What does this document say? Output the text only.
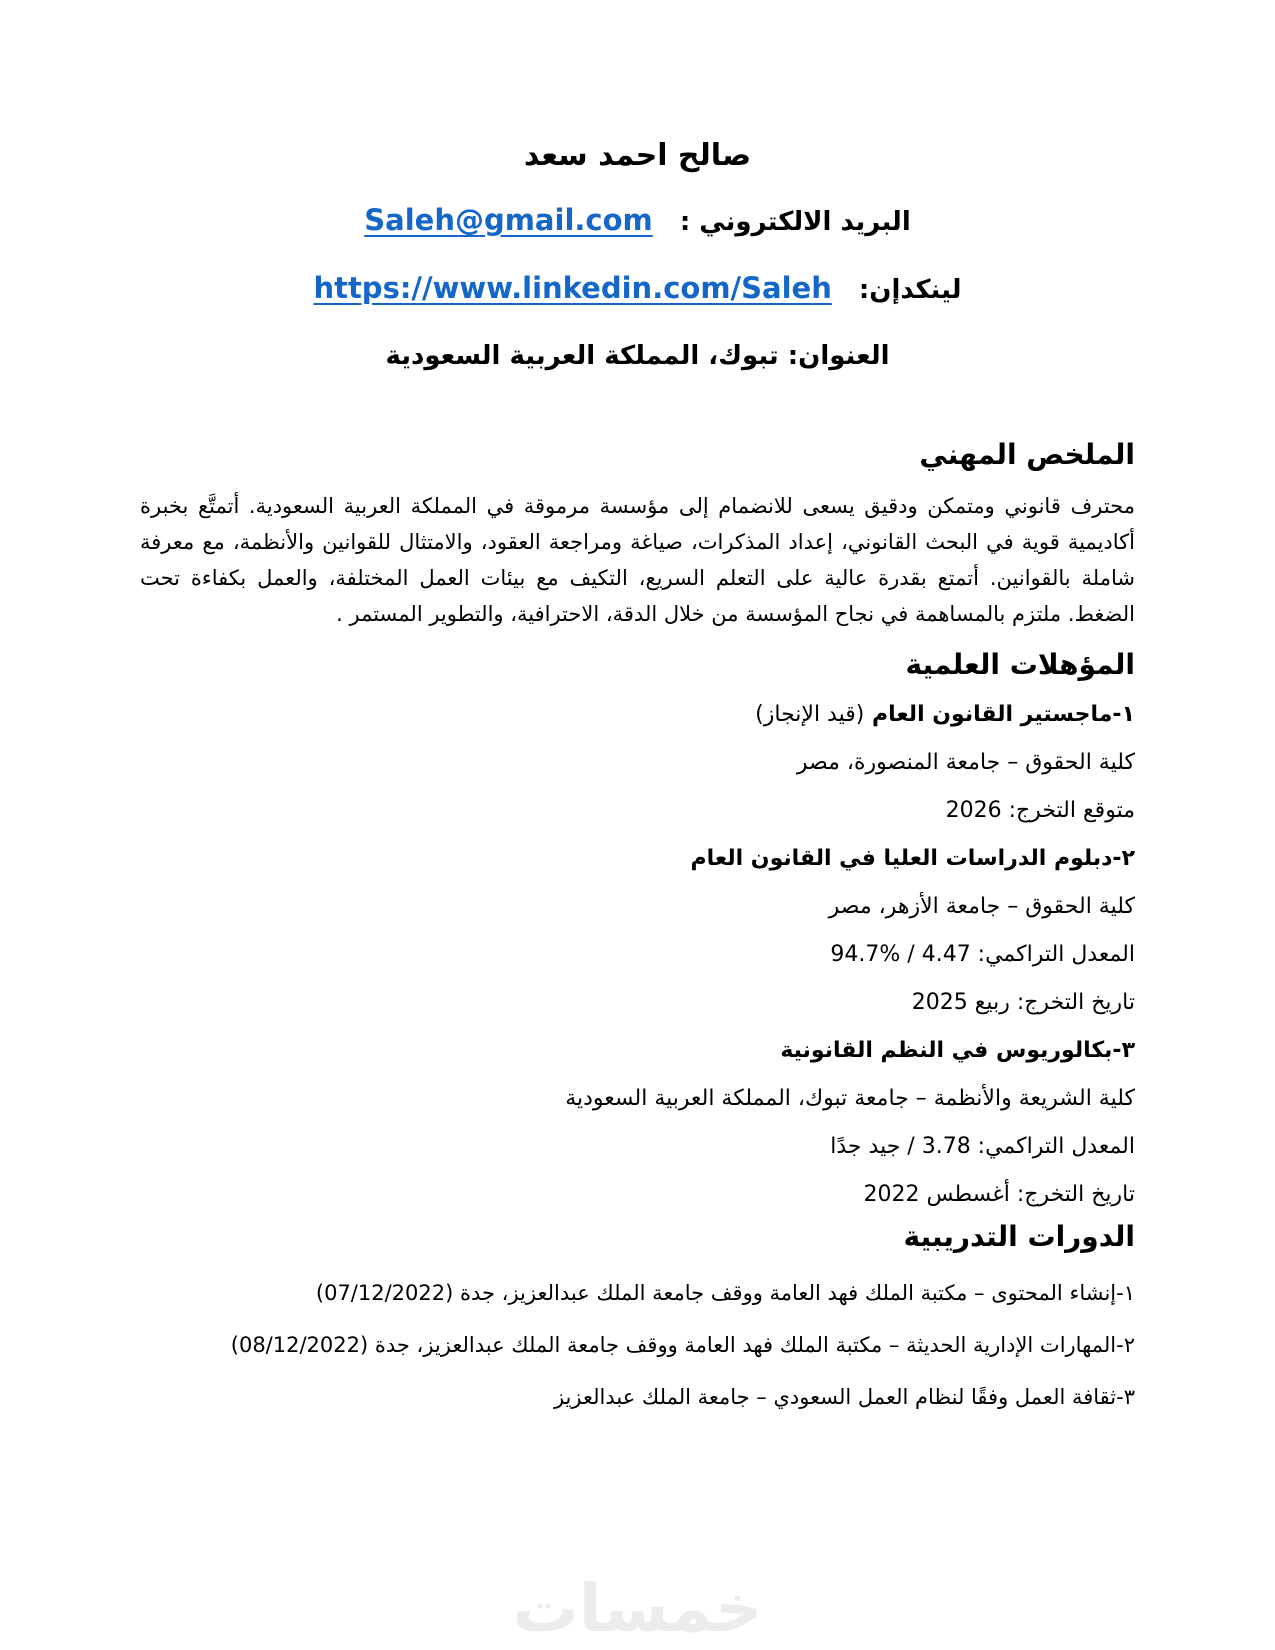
صالح احمد سعد
البريد الالكتروني : Saleh@gmail.com
لينكدإن: https://www.linkedin.com/Saleh
العنوان: تبوك، المملكة العربية السعودية
الملخص المهني

محترف قانوني ومتمكن ودقيق يسعى للانضمام إلى مؤسسة مرموقة في المملكة العربية السعودية. أتمتَّع بخبرة أكاديمية قوية في البحث القانوني، إعداد المذكرات، صياغة ومراجعة العقود، والامتثال للقوانين والأنظمة، مع معرفة شاملة بالقوانين. أتمتع بقدرة عالية على التعلم السريع، التكيف مع بيئات العمل المختلفة، والعمل بكفاءة تحت الضغط. ملتزم بالمساهمة في نجاح المؤسسة من خلال الدقة، الاحترافية، والتطوير المستمر .

المؤهلات العلمية
١-ماجستير القانون العام (قيد الإنجاز)
كلية الحقوق – جامعة المنصورة، مصر
متوقع التخرج: 2026
٢-دبلوم الدراسات العليا في القانون العام
كلية الحقوق – جامعة الأزهر، مصر
المعدل التراكمي: 4.47 / %94.7
تاريخ التخرج: ربيع 2025
٣-بكالوريوس في النظم القانونية
كلية الشريعة والأنظمة – جامعة تبوك، المملكة العربية السعودية
المعدل التراكمي: 3.78 / جيد جدًا
تاريخ التخرج: أغسطس 2022
الدورات التدريبية
١-إنشاء المحتوى – مكتبة الملك فهد العامة ووقف جامعة الملك عبدالعزيز، جدة (07/12/2022)
٢-المهارات الإدارية الحديثة – مكتبة الملك فهد العامة ووقف جامعة الملك عبدالعزيز، جدة (08/12/2022)
٣-ثقافة العمل وفقًا لنظام العمل السعودي – جامعة الملك عبدالعزيز
خمسات
